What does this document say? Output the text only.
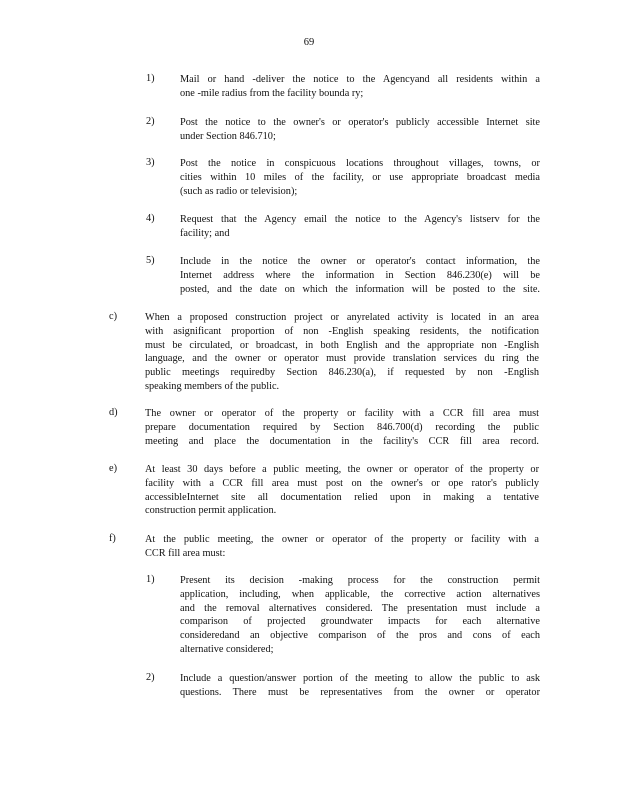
69
1) Mail or hand -deliver the notice to the Agencyand all residents within a
one -mile radius from the facility bounda ry;
2) Post the notice to the owner's or operator's publicly accessible Internet site
under Section 846.710;
3) Post the notice in conspicuous locations throughout villages, towns, or
cities within 10 miles of the facility, or use appropriate broadcast media
(such as radio or television);
4) Request that the Agency email the notice to the Agency's listserv for the
facility; and
5) Include in the notice the owner or operator's contact information, the
Internet address where the information in Section 846.230(e) will be
posted, and the date on which the information will be posted to the site.
c)	When a proposed construction project or anyrelated activity is located in an area
with asignificant proportion of non -English speaking residents, the notification
must be circulated, or broadcast, in both English and the appropriate non -English
language, and the owner or operator must provide translation services du ring the
public meetings requiredby Section 846.230(a), if requested by non -English
speaking members of the public.
d)	The owner or operator of the property or facility with a CCR fill area must
prepare documentation required by Section 846.700(d) recording the public
meeting and place the documentation in the facility's CCR fill area record.
e)	At least 30 days before a public meeting, the owner or operator of the property or
facility with a CCR fill area must post on the owner's or ope rator's publicly
accessibleInternet site all documentation relied upon in making a tentative
construction permit application.
f)	At the public meeting, the owner or operator of the property or facility with a
CCR fill area must:
1) Present its decision -making process for the construction permit
application, including, when applicable, the corrective action alternatives
and the removal alternatives considered. The presentation must include a
comparison of projected groundwater impacts for each alternative
consideredand an objective comparison of the pros and cons of each
alternative considered;
2) Include a question/answer portion of the meeting to allow the public to ask
questions. There must be representatives from the owner or operator
